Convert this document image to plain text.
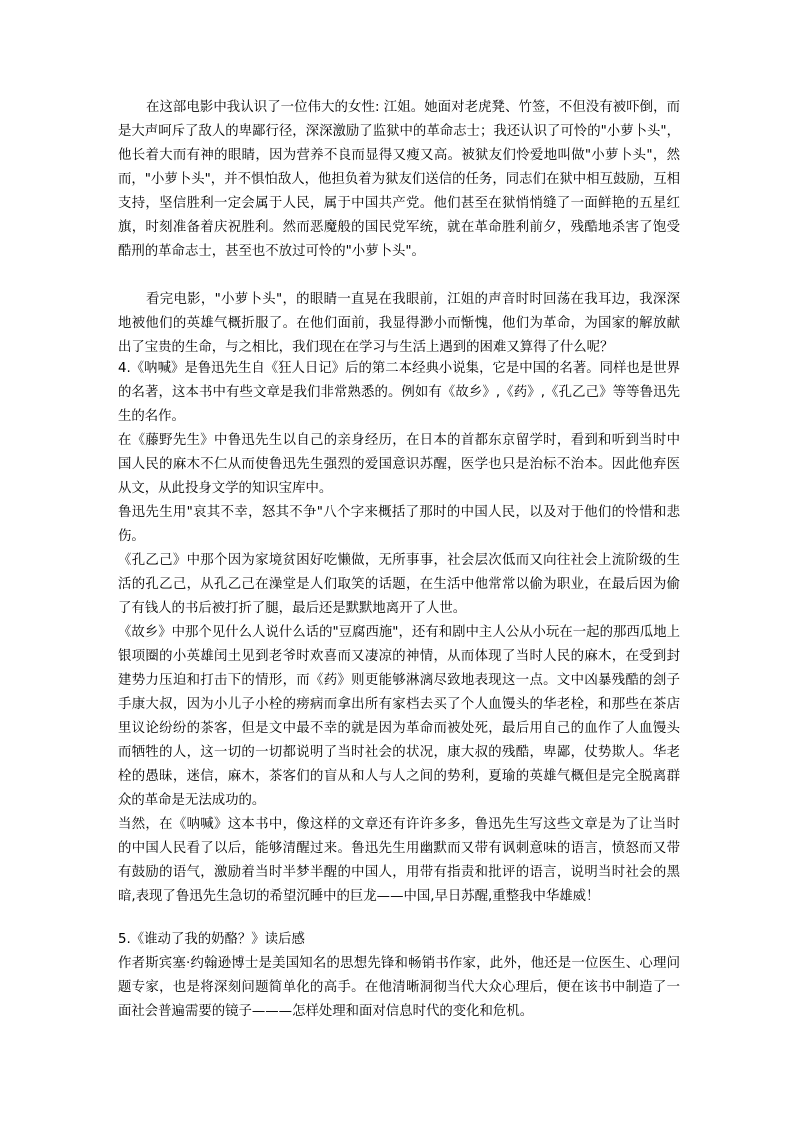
在这部电影中我认识了一位伟大的女性: 江姐。她面对老虎凳、竹签，不但没有被吓倒，而是大声呵斥了敌人的卑鄙行径，深深激励了监狱中的革命志士；我还认识了可怜的"小萝卜头"，他长着大而有神的眼睛，因为营养不良而显得又瘦又高。被狱友们怜爱地叫做"小萝卜头"，然而，"小萝卜头"，并不惧怕敌人，他担负着为狱友们送信的任务，同志们在狱中相互鼓励，互相支持，坚信胜利一定会属于人民，属于中国共产党。他们甚至在狱悄悄缝了一面鲜艳的五星红旗，时刻准备着庆祝胜利。然而恶魔般的国民党军统，就在革命胜利前夕，残酷地杀害了饱受酷刑的革命志士，甚至也不放过可怜的"小萝卜头"。

看完电影，"小萝卜头"，的眼睛一直晃在我眼前，江姐的声音时时回荡在我耳边，我深深地被他们的英雄气概折服了。在他们面前，我显得渺小而惭愧，他们为革命，为国家的解放献出了宝贵的生命，与之相比，我们现在在学习与生活上遇到的困难又算得了什么呢？

4.《呐喊》是鲁迅先生自《狂人日记》后的第二本经典小说集，它是中国的名著。同样也是世界的名著，这本书中有些文章是我们非常熟悉的。例如有《故乡》,《药》,《孔乙己》等等鲁迅先生的名作。

在《藤野先生》中鲁迅先生以自己的亲身经历，在日本的首都东京留学时，看到和听到当时中国人民的麻木不仁从而使鲁迅先生强烈的爱国意识苏醒，医学也只是治标不治本。因此他弃医从文，从此投身文学的知识宝库中。

鲁迅先生用"哀其不幸，怒其不争"八个字来概括了那时的中国人民，以及对于他们的怜惜和悲伤。

《孔乙己》中那个因为家境贫困好吃懒做，无所事事，社会层次低而又向往社会上流阶级的生活的孔乙己，从孔乙己在澡堂是人们取笑的话题，在生活中他常常以偷为职业，在最后因为偷了有钱人的书后被打折了腿，最后还是默默地离开了人世。

《故乡》中那个见什么人说什么话的"豆腐西施"，还有和剧中主人公从小玩在一起的那西瓜地上银项圈的小英雄闰土见到老爷时欢喜而又凄凉的神情，从而体现了当时人民的麻木，在受到封建势力压迫和打击下的情形，而《药》则更能够淋漓尽致地表现这一点。文中凶暴残酷的刽子手康大叔，因为小儿子小栓的痨病而拿出所有家档去买了个人血馒头的华老栓，和那些在茶店里议论纷纷的茶客，但是文中最不幸的就是因为革命而被处死，最后用自己的血作了人血馒头而牺牲的人，这一切的一切都说明了当时社会的状况，康大叔的残酷，卑鄙，仗势欺人。华老栓的愚昧，迷信，麻木，茶客们的盲从和人与人之间的势利，夏瑜的英雄气概但是完全脱离群众的革命是无法成功的。

当然，在《呐喊》这本书中，像这样的文章还有许许多多，鲁迅先生写这些文章是为了让当时的中国人民看了以后，能够清醒过来。鲁迅先生用幽默而又带有讽刺意味的语言，愤怒而又带有鼓励的语气，激励着当时半梦半醒的中国人，用带有指责和批评的语言，说明当时社会的黑暗,表现了鲁迅先生急切的希望沉睡中的巨龙——中国,早日苏醒,重整我中华雄威！

5.《谁动了我的奶酪？》读后感

作者斯宾塞·约翰逊博士是美国知名的思想先锋和畅销书作家，此外，他还是一位医生、心理问题专家，也是将深刻问题简单化的高手。在他清晰洞彻当代大众心理后，便在该书中制造了一面社会普遍需要的镜子———怎样处理和面对信息时代的变化和危机。
